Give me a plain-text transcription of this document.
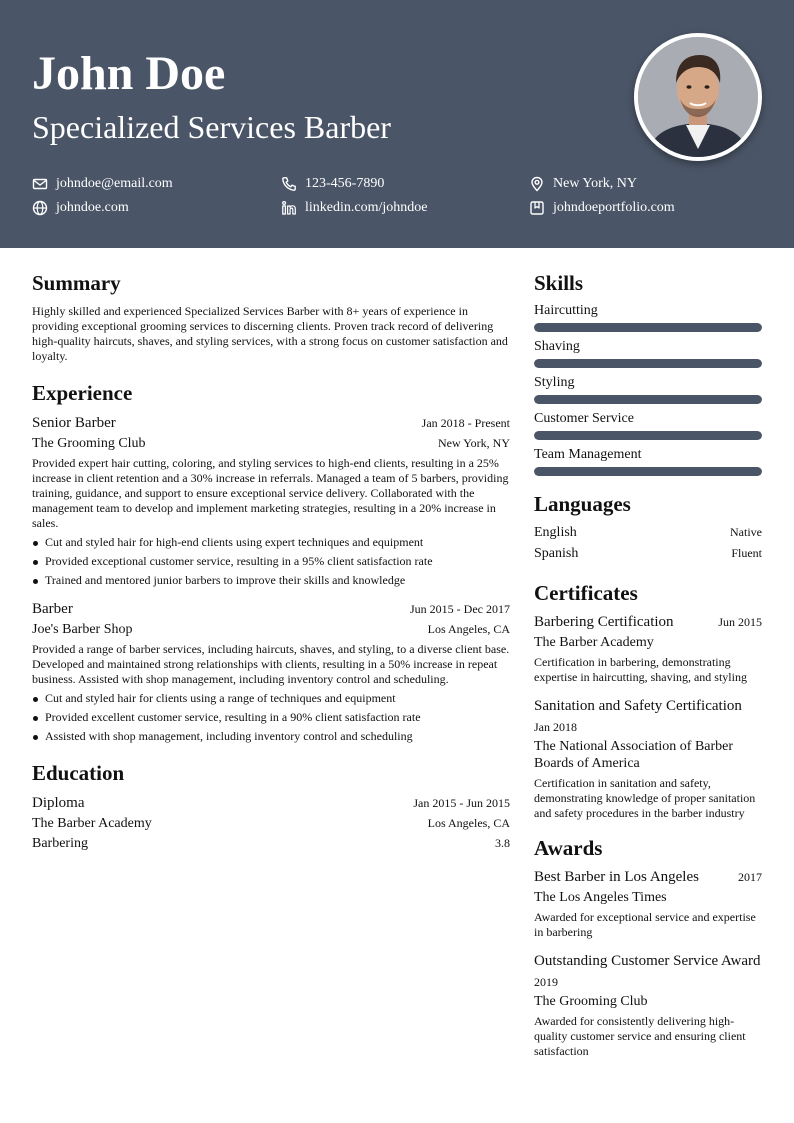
John Doe
Specialized Services Barber
johndoe@email.com	123-456-7890	New York, NY
johndoe.com	linkedin.com/johndoe	johndoeportfolio.com
Summary
Highly skilled and experienced Specialized Services Barber with 8+ years of experience in providing exceptional grooming services to discerning clients. Proven track record of delivering high-quality haircuts, shaves, and styling services, with a strong focus on customer satisfaction and loyalty.
Experience
Senior Barber	Jan 2018 - Present
The Grooming Club	New York, NY
Provided expert hair cutting, coloring, and styling services to high-end clients, resulting in a 25% increase in client retention and a 30% increase in referrals. Managed a team of 5 barbers, providing training, guidance, and support to ensure exceptional service delivery. Collaborated with the management team to develop and implement marketing strategies, resulting in a 20% increase in sales.
Cut and styled hair for high-end clients using expert techniques and equipment
Provided exceptional customer service, resulting in a 95% client satisfaction rate
Trained and mentored junior barbers to improve their skills and knowledge
Barber	Jun 2015 - Dec 2017
Joe's Barber Shop	Los Angeles, CA
Provided a range of barber services, including haircuts, shaves, and styling, to a diverse client base. Developed and maintained strong relationships with clients, resulting in a 50% increase in repeat business. Assisted with shop management, including inventory control and scheduling.
Cut and styled hair for clients using a range of techniques and equipment
Provided excellent customer service, resulting in a 90% client satisfaction rate
Assisted with shop management, including inventory control and scheduling
Education
Diploma	Jan 2015 - Jun 2015
The Barber Academy	Los Angeles, CA
Barbering	3.8
Skills
Haircutting
Shaving
Styling
Customer Service
Team Management
Languages
English	Native
Spanish	Fluent
Certificates
Barbering Certification	Jun 2015
The Barber Academy
Certification in barbering, demonstrating expertise in haircutting, shaving, and styling
Sanitation and Safety Certification
Jan 2018
The National Association of Barber Boards of America
Certification in sanitation and safety, demonstrating knowledge of proper sanitation and safety procedures in the barber industry
Awards
Best Barber in Los Angeles	2017
The Los Angeles Times
Awarded for exceptional service and expertise in barbering
Outstanding Customer Service Award
2019
The Grooming Club
Awarded for consistently delivering high-quality customer service and ensuring client satisfaction
